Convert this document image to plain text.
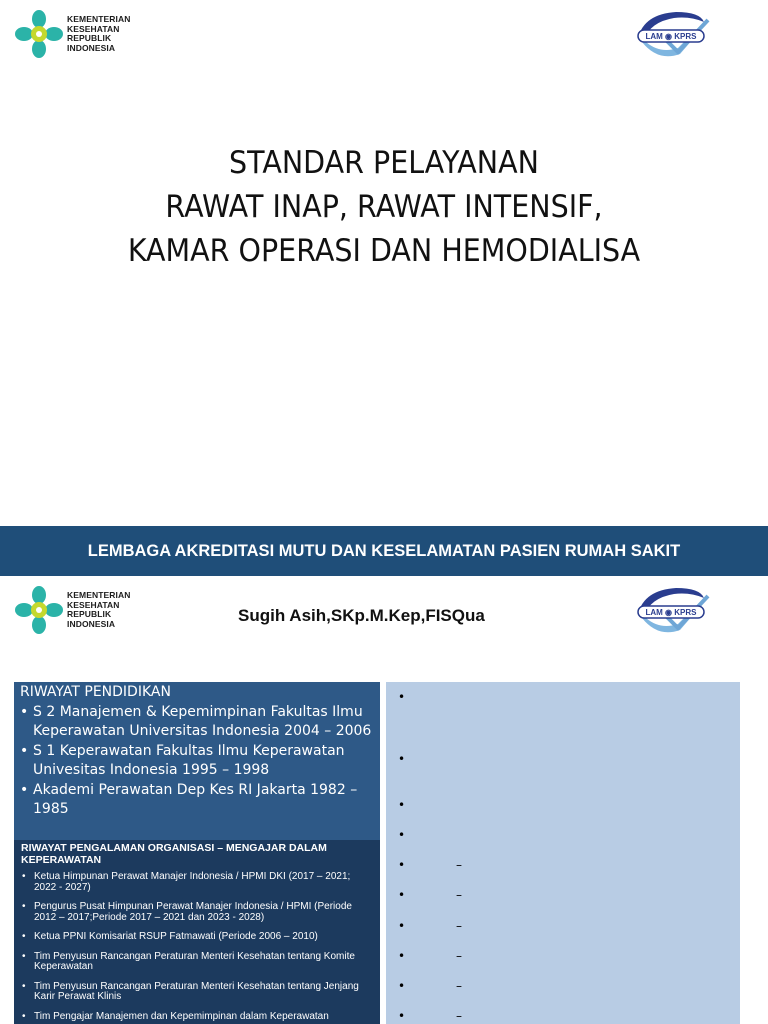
KEMENTERIAN
KESEHATAN
REPUBLIK
INDONESIA
LAM ◉ KPRS
STANDAR PELAYANAN
RAWAT INAP, RAWAT INTENSIF,
KAMAR OPERASI DAN HEMODIALISA
LEMBAGA AKREDITASI MUTU DAN KESELAMATAN PASIEN RUMAH SAKIT
KEMENTERIAN
KESEHATAN
REPUBLIK
INDONESIA
LAM ◉ KPRS
Sugih Asih,SKp.M.Kep,FISQua
RIWAYAT PENDIDIKAN
• S 2 Manajemen & Kepemimpinan Fakultas Ilmu Keperawatan Universitas Indonesia 2004 – 2006
• S 1 Keperawatan Fakultas Ilmu Keperawatan Univesitas Indonesia 1995 – 1998
• Akademi Perawatan Dep Kes RI Jakarta 1982 – 1985
RIWAYAT PENGALAMAN ORGANISASI – MENGAJAR DALAM KEPERAWATAN
• Ketua Himpunan Perawat Manajer Indonesia / HPMI DKI (2017 – 2021; 2022 - 2027)
• Pengurus Pusat Himpunan Perawat Manajer Indonesia / HPMI (Periode 2012 – 2017;Periode 2017 – 2021 dan 2023 - 2028)
• Ketua PPNI Komisariat RSUP Fatmawati (Periode 2006 – 2010)
• Tim Penyusun Rancangan Peraturan Menteri Kesehatan tentang Komite Keperawatan
• Tim Penyusun Rancangan Peraturan Menteri Kesehatan tentang Jenjang Karir Perawat Klinis
• Tim Pengajar Manajemen dan Kepemimpinan dalam Keperawatan
•
•
•
•
•	–
•	–
•	–
•	–
•	–
•	–
